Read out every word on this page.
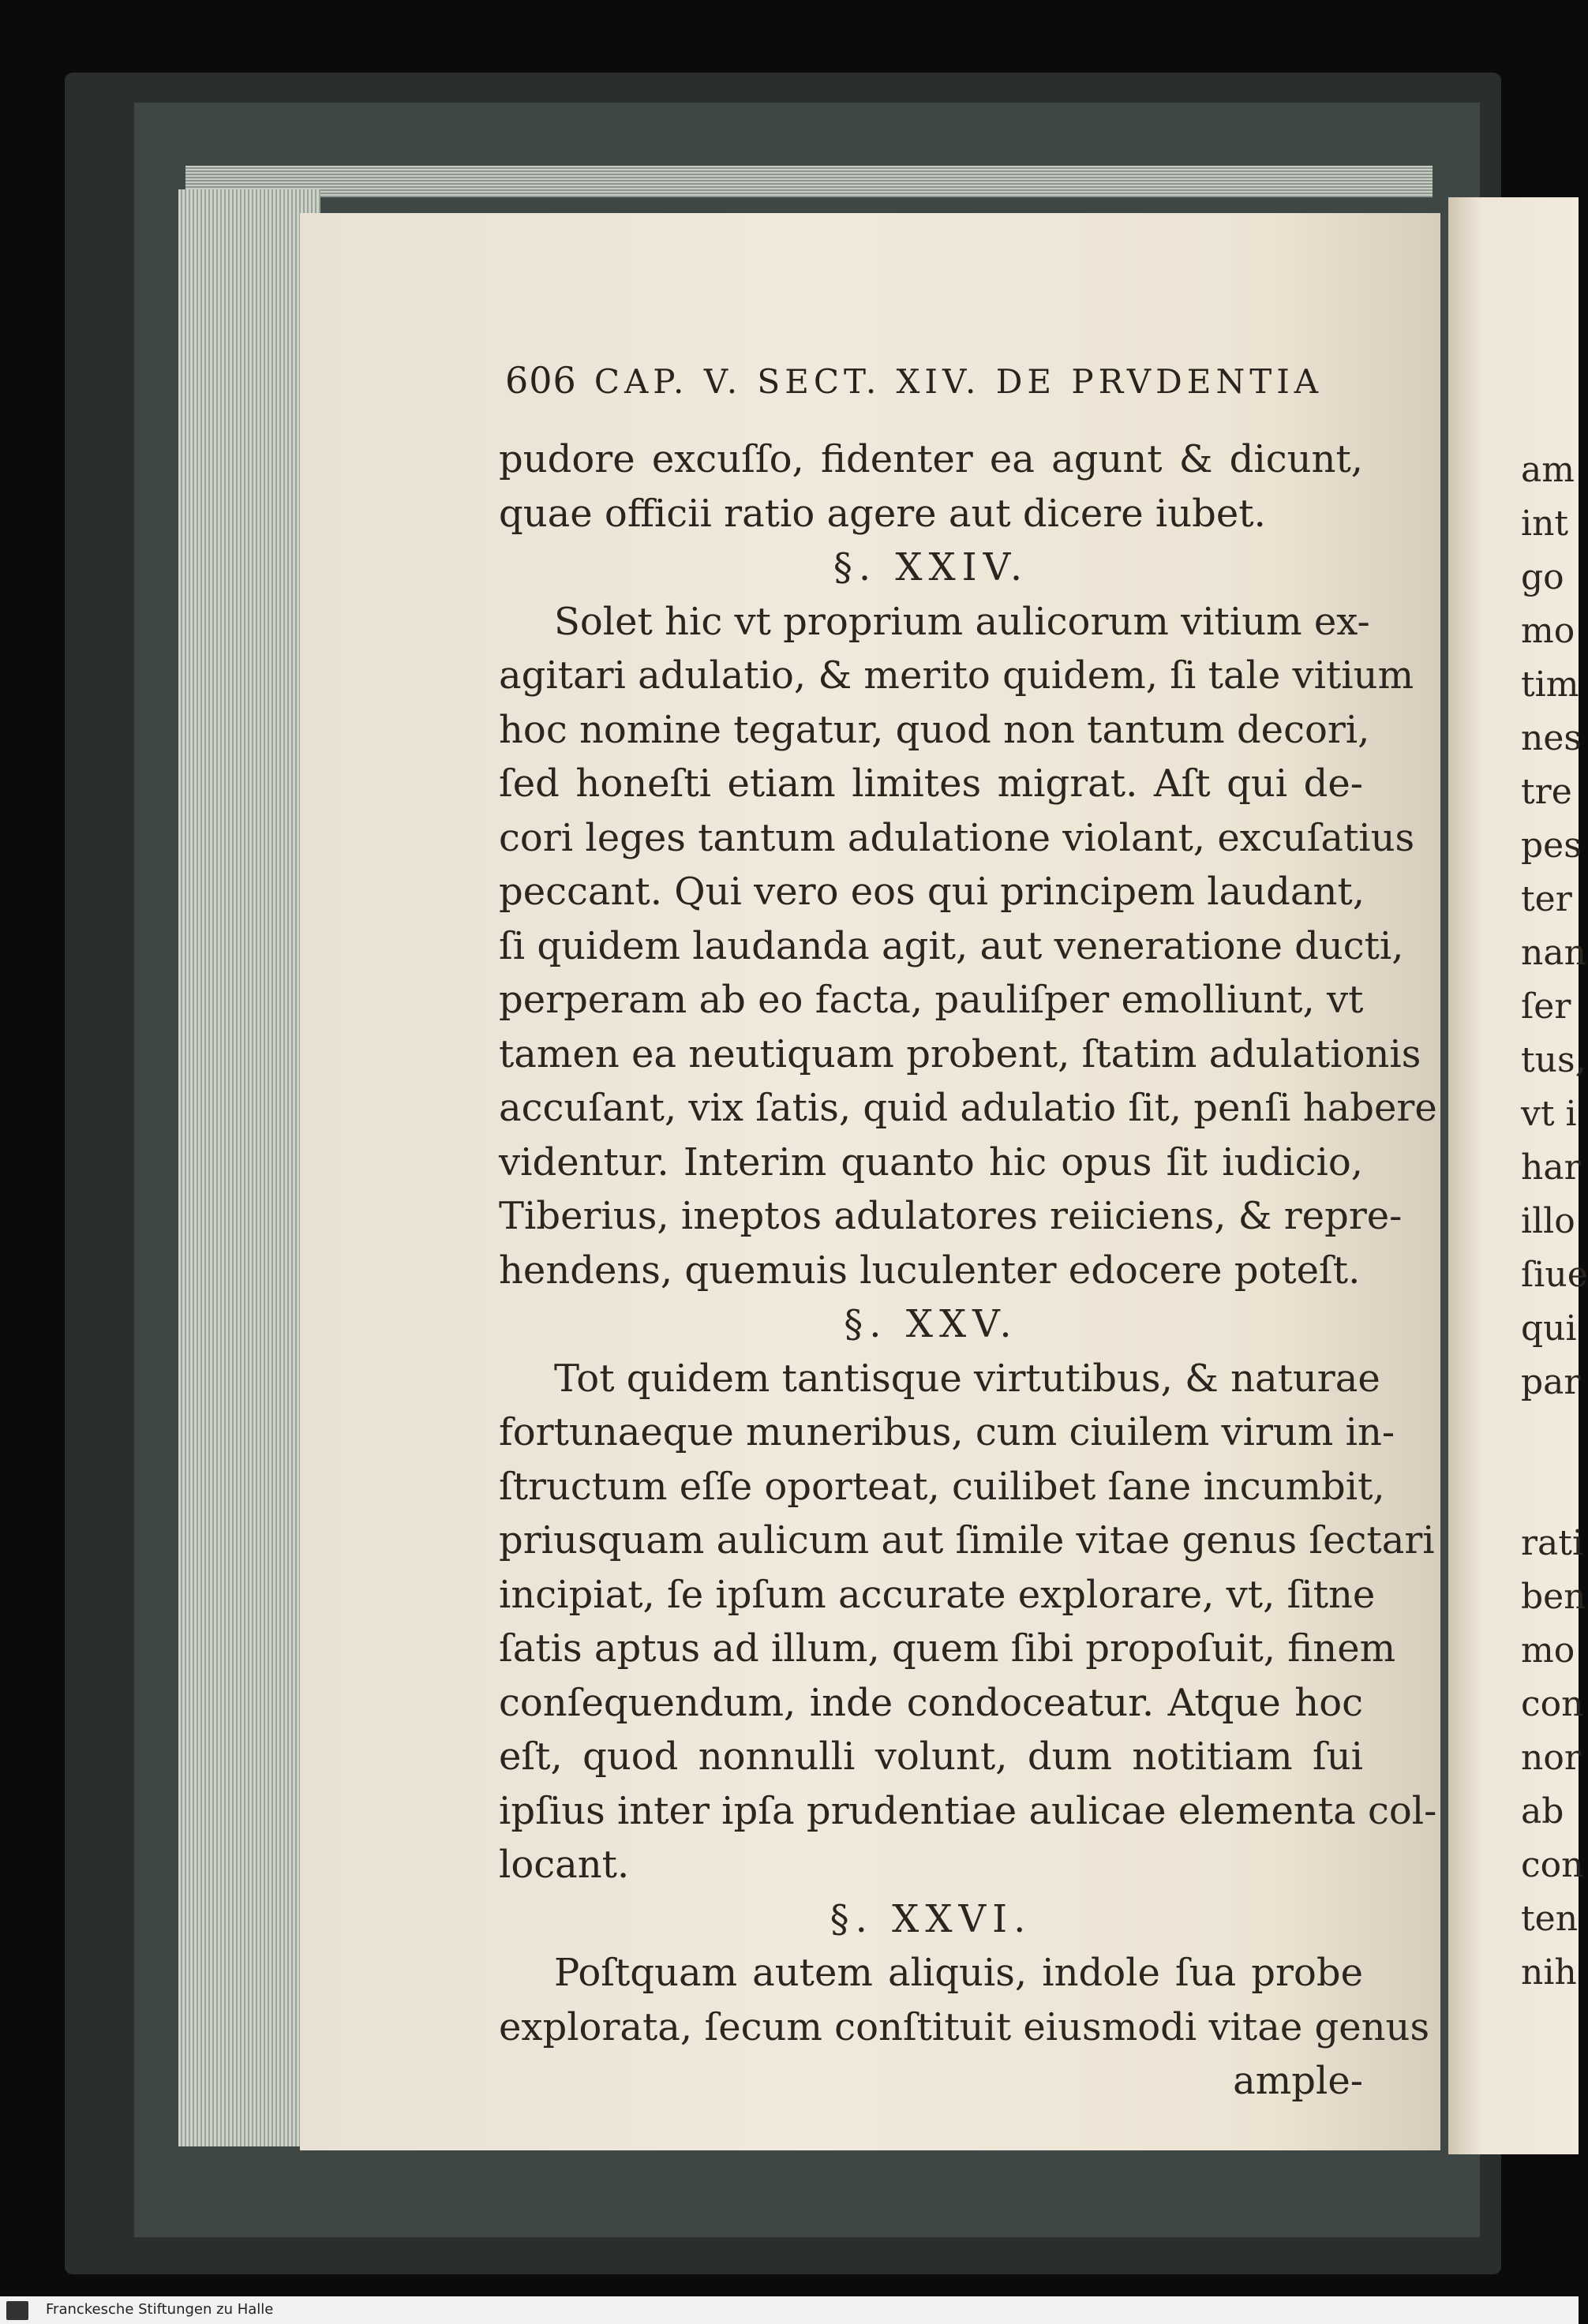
606 CAP. V. SECT. XIV. DE PRVDENTIA
pudore excuſſo, fidenter ea agunt & dicunt,
quae officii ratio agere aut dicere iubet.
§. XXIV.
Solet hic vt proprium aulicorum vitium ex-
agitari adulatio, & merito quidem, ſi tale vitium
hoc nomine tegatur, quod non tantum decori,
ſed honeſti etiam limites migrat. Aſt qui de-
cori leges tantum adulatione violant, excuſatius
peccant. Qui vero eos qui principem laudant,
ſi quidem laudanda agit, aut veneratione ducti,
perperam ab eo facta, pauliſper emolliunt, vt
tamen ea neutiquam probent, ſtatim adulationis
accuſant, vix ſatis, quid adulatio ſit, penſi habere
videntur. Interim quanto hic opus ſit iudicio,
Tiberius, ineptos adulatores reiiciens, & repre-
hendens, quemuis luculenter edocere poteſt.
§. XXV.
Tot quidem tantisque virtutibus, & naturae
fortunaeque muneribus, cum ciuilem virum in-
ſtructum eſſe oporteat, cuilibet ſane incumbit,
priusquam aulicum aut ſimile vitae genus ſectari
incipiat, ſe ipſum accurate explorare, vt, ſitne
ſatis aptus ad illum, quem ſibi propoſuit, finem
conſequendum, inde condoceatur. Atque hoc
eſt, quod nonnulli volunt, dum notitiam ſui
ipſius inter ipſa prudentiae aulicae elementa col-
locant.
§. XXVI.
Poſtquam autem aliquis, indole ſua probe
explorata, ſecum conſtituit eiusmodi vitae genus
ample-
am
int
go
mo
tim
nes
tre
pes
ter
nan
ſer
tus,
vt i
har
illo
ſiue
qui
par
rati
ben
mo
con
nor
ab
con
ten
nih
Franckesche Stiftungen zu Halle
